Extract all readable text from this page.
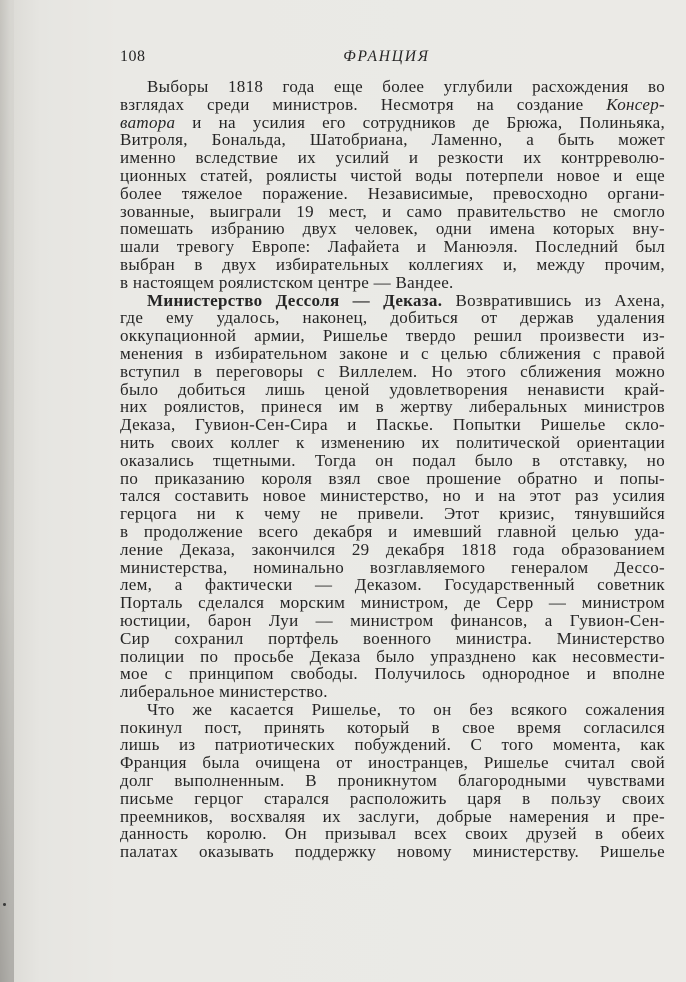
108	ФРАНЦИЯ
Выборы 1818 года еще более углубили расхождения во
взглядах среди министров. Несмотря на создание Консер-
ватора и на усилия его сотрудников де Брюжа, Полиньяка,
Витроля, Бональда, Шатобриана, Ламенно, а быть может
именно вследствие их усилий и резкости их контрреволю-
ционных статей, роялисты чистой воды потерпели новое и еще
более тяжелое поражение. Независимые, превосходно органи-
зованные, выиграли 19 мест, и само правительство не смогло
помешать избранию двух человек, одни имена которых вну-
шали тревогу Европе: Лафайета и Манюэля. Последний был
выбран в двух избирательных коллегиях и, между прочим,
в настоящем роялистском центре — Вандее.
Министерство Дессоля — Деказа. Возвратившись из Ахена,
где ему удалось, наконец, добиться от держав удаления
оккупационной армии, Ришелье твердо решил произвести из-
менения в избирательном законе и с целью сближения с правой
вступил в переговоры с Виллелем. Но этого сближения можно
было добиться лишь ценой удовлетворения ненависти край-
них роялистов, принеся им в жертву либеральных министров
Деказа, Гувион-Сен-Сира и Паскье. Попытки Ришелье скло-
нить своих коллег к изменению их политической ориентации
оказались тщетными. Тогда он подал было в отставку, но
по приказанию короля взял свое прошение обратно и попы-
тался составить новое министерство, но и на этот раз усилия
герцога ни к чему не привели. Этот кризис, тянувшийся
в продолжение всего декабря и имевший главной целью уда-
ление Деказа, закончился 29 декабря 1818 года образованием
министерства, номинально возглавляемого генералом Дессо-
лем, а фактически — Деказом. Государственный советник
Порталь сделался морским министром, де Серр — министром
юстиции, барон Луи — министром финансов, а Гувион-Сен-
Сир сохранил портфель военного министра. Министерство
полиции по просьбе Деказа было упразднено как несовмести-
мое с принципом свободы. Получилось однородное и вполне
либеральное министерство.
Что же касается Ришелье, то он без всякого сожаления
покинул пост, принять который в свое время согласился
лишь из патриотических побуждений. С того момента, как
Франция была очищена от иностранцев, Ришелье считал свой
долг выполненным. В проникнутом благородными чувствами
письме герцог старался расположить царя в пользу своих
преемников, восхваляя их заслуги, добрые намерения и пре-
данность королю. Он призывал всех своих друзей в обеих
палатах оказывать поддержку новому министерству. Ришелье
